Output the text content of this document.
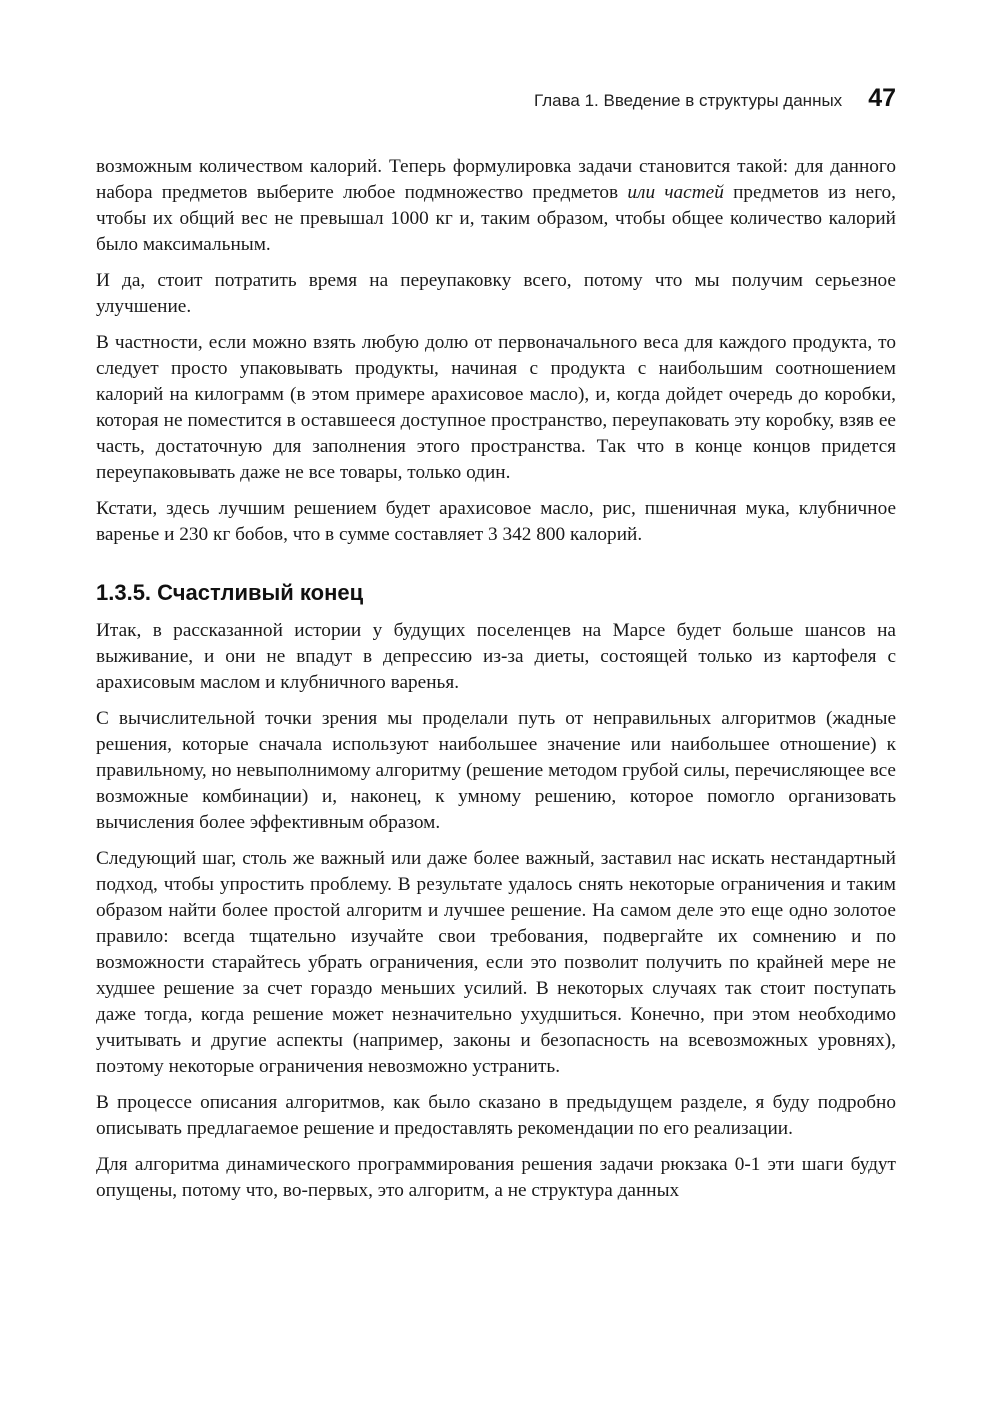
Глава 1. Введение в структуры данных 47

возможным количеством калорий. Теперь формулировка задачи становится такой: для данного набора предметов выберите любое подмножество предметов или частей предметов из него, чтобы их общий вес не превышал 1000 кг и, таким образом, чтобы общее количество калорий было максимальным.

И да, стоит потратить время на переупаковку всего, потому что мы получим серьезное улучшение.

В частности, если можно взять любую долю от первоначального веса для каждого продукта, то следует просто упаковывать продукты, начиная с продукта с наибольшим соотношением калорий на килограмм (в этом примере арахисовое масло), и, когда дойдет очередь до коробки, которая не поместится в оставшееся доступное пространство, переупаковать эту коробку, взяв ее часть, достаточную для заполнения этого пространства. Так что в конце концов придется переупаковывать даже не все товары, только один.

Кстати, здесь лучшим решением будет арахисовое масло, рис, пшеничная мука, клубничное варенье и 230 кг бобов, что в сумме составляет 3 342 800 калорий.

1.3.5. Счастливый конец

Итак, в рассказанной истории у будущих поселенцев на Марсе будет больше шансов на выживание, и они не впадут в депрессию из-за диеты, состоящей только из картофеля с арахисовым маслом и клубничного варенья.

С вычислительной точки зрения мы проделали путь от неправильных алгоритмов (жадные решения, которые сначала используют наибольшее значение или наибольшее отношение) к правильному, но невыполнимому алгоритму (решение методом грубой силы, перечисляющее все возможные комбинации) и, наконец, к умному решению, которое помогло организовать вычисления более эффективным образом.

Следующий шаг, столь же важный или даже более важный, заставил нас искать нестандартный подход, чтобы упростить проблему. В результате удалось снять некоторые ограничения и таким образом найти более простой алгоритм и лучшее решение. На самом деле это еще одно золотое правило: всегда тщательно изучайте свои требования, подвергайте их сомнению и по возможности старайтесь убрать ограничения, если это позволит получить по крайней мере не худшее решение за счет гораздо меньших усилий. В некоторых случаях так стоит поступать даже тогда, когда решение может незначительно ухудшиться. Конечно, при этом необходимо учитывать и другие аспекты (например, законы и безопасность на всевозможных уровнях), поэтому некоторые ограничения невозможно устранить.

В процессе описания алгоритмов, как было сказано в предыдущем разделе, я буду подробно описывать предлагаемое решение и предоставлять рекомендации по его реализации.

Для алгоритма динамического программирования решения задачи рюкзака 0-1 эти шаги будут опущены, потому что, во-первых, это алгоритм, а не структура данных
